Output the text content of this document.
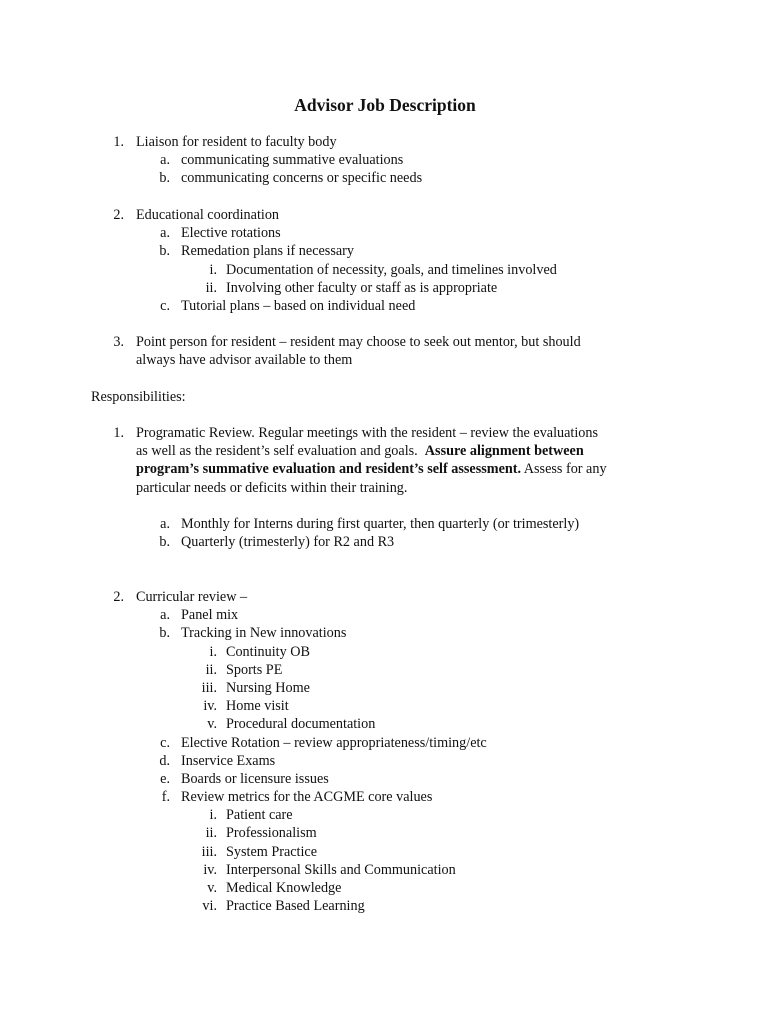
Advisor Job Description
1. Liaison for resident to faculty body
a. communicating summative evaluations
b. communicating concerns or specific needs
2. Educational coordination
a. Elective rotations
b. Remedation plans if necessary
i. Documentation of necessity, goals, and timelines involved
ii. Involving other faculty or staff as is appropriate
c. Tutorial plans – based on individual need
3. Point person for resident – resident may choose to seek out mentor, but should
always have advisor available to them
Responsibilities:
1. Programatic Review. Regular meetings with the resident – review the evaluations
as well as the resident’s self evaluation and goals.  Assure alignment between
program’s summative evaluation and resident’s self assessment. Assess for any
particular needs or deficits within their training.
a. Monthly for Interns during first quarter, then quarterly (or trimesterly)
b. Quarterly (trimesterly) for R2 and R3
2. Curricular review –
a. Panel mix
b. Tracking in New innovations
i. Continuity OB
ii. Sports PE
iii. Nursing Home
iv. Home visit
v. Procedural documentation
c. Elective Rotation – review appropriateness/timing/etc
d. Inservice Exams
e. Boards or licensure issues
f. Review metrics for the ACGME core values
i. Patient care
ii. Professionalism
iii. System Practice
iv. Interpersonal Skills and Communication
v. Medical Knowledge
vi. Practice Based Learning
